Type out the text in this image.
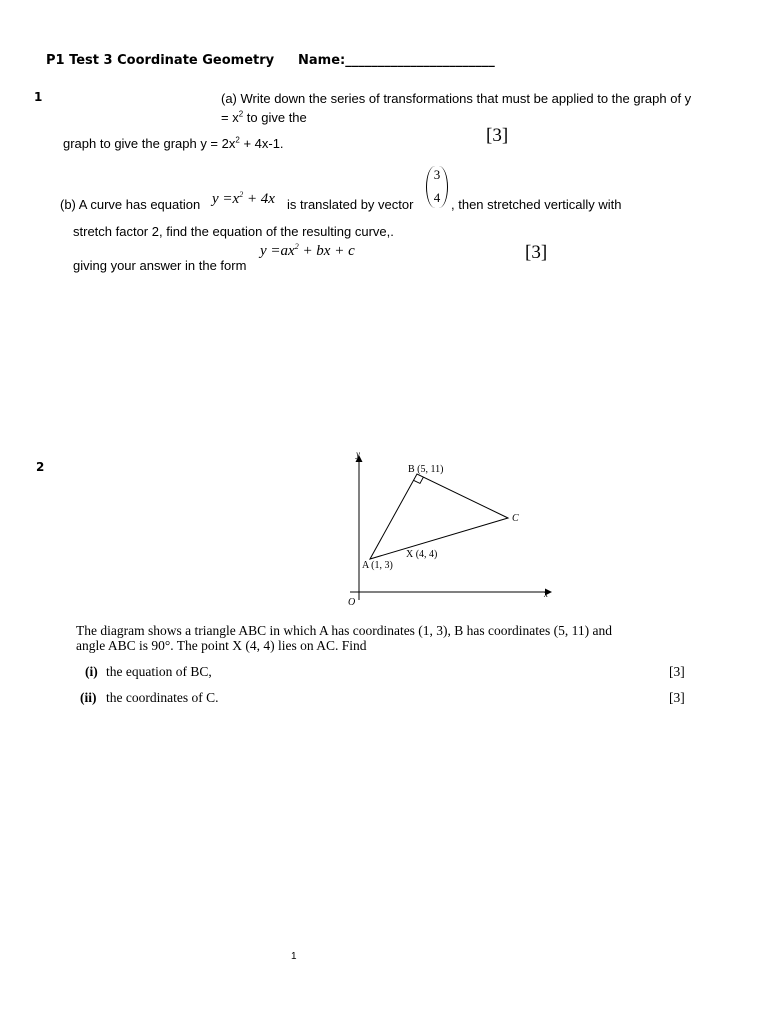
P1 Test 3 Coordinate Geometry Name:_______________________
1	(a) Write down the series of transformations that must be applied to the graph of y
= $x^2$ to give the
graph to give the graph $y = 2x^2 + 4x-1$.	[3]
(b) A curve has equation $y =x^2 + 4x$ is translated by vector
3
4 , then stretched vertically with
stretch factor 2, find the equation of the resulting curve,.
$y =ax^2$ + bx + c
giving your answer in the form
[3]
2
y
x
O
B (5, 11)
C
X (4, 4)
A (1, 3)
The diagram shows a triangle ABC in which A has coordinates (1, 3), B has coordinates (5, 11) and
angle ABC is 90°. The point X (4, 4) lies on AC. Find
(i) the equation of BC,	[3]
(ii) the coordinates of C.	[3]
1
